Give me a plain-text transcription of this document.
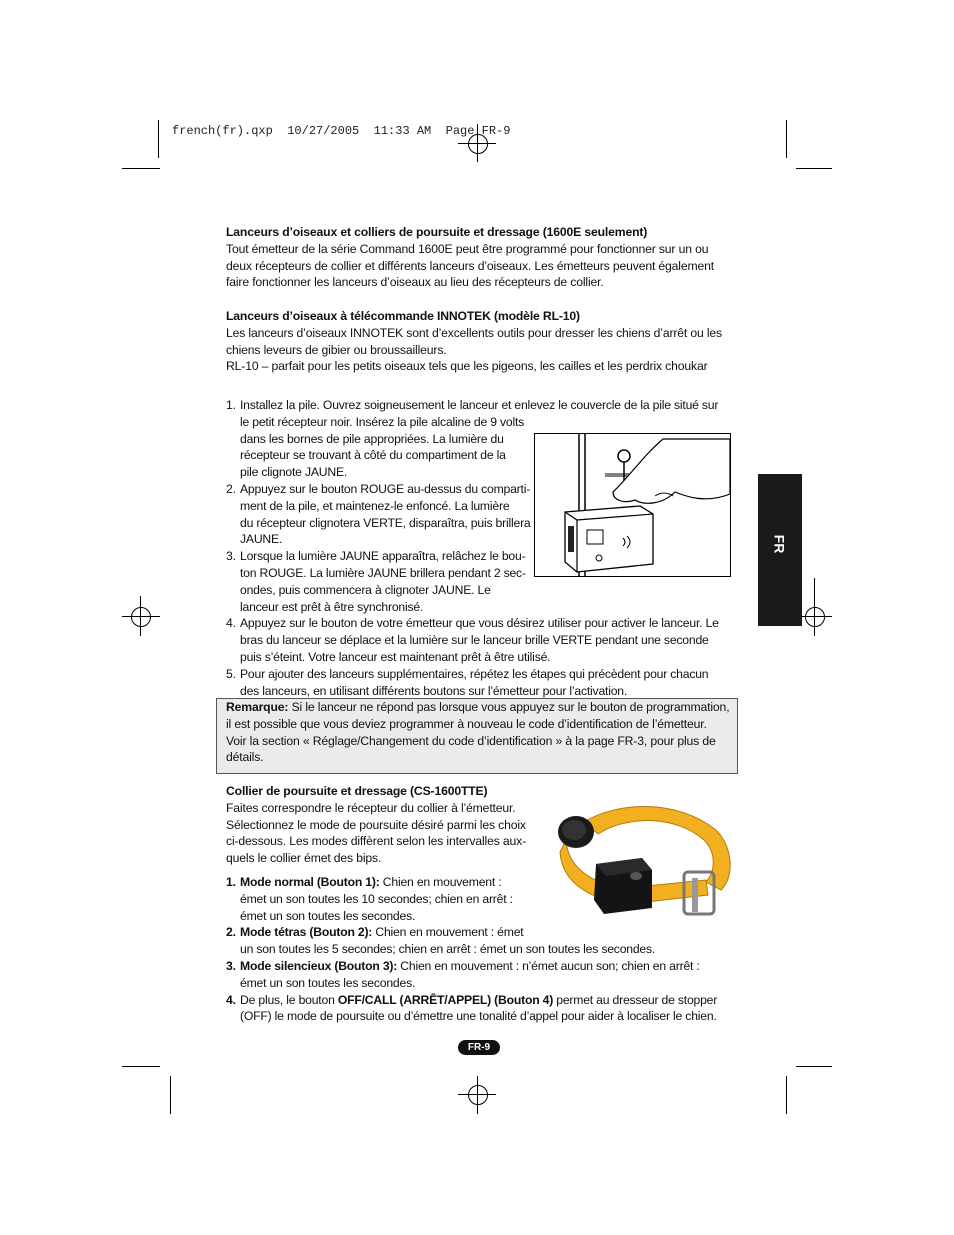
french(fr).qxp  10/27/2005  11:33 AM  Page FR-9
FR
Lanceurs d’oiseaux et colliers de poursuite et dressage (1600E seulement)
Tout émetteur de la série Command 1600E peut être programmé pour fonctionner sur un ou
deux récepteurs de collier et différents lanceurs d’oiseaux. Les émetteurs peuvent également
faire fonctionner les lanceurs d’oiseaux au lieu des récepteurs de collier.
Lanceurs d’oiseaux à télécommande INNOTEK (modèle RL-10)
Les lanceurs d’oiseaux INNOTEK sont d’excellents outils pour dresser les chiens d’arrêt ou les
chiens leveurs de gibier ou broussailleurs.
RL-10 – parfait pour les petits oiseaux tels que les pigeons, les cailles et les perdrix choukar
1. Installez la pile. Ouvrez soigneusement le lanceur et enlevez le couvercle de la pile situé sur
le petit récepteur noir. Insérez la pile alcaline de 9 volts
dans les bornes de pile appropriées. La lumière du
récepteur se trouvant à côté du compartiment de la
pile clignote JAUNE.
2. Appuyez sur le bouton ROUGE au-dessus du comparti-
ment de la pile, et maintenez-le enfoncé. La lumière
du récepteur clignotera VERTE, disparaîtra, puis brillera
JAUNE.
3. Lorsque la lumière JAUNE apparaîtra, relâchez le bou-
ton ROUGE. La lumière JAUNE brillera pendant 2 sec-
ondes, puis commencera à clignoter JAUNE. Le
lanceur est prêt à être synchronisé.
4. Appuyez sur le bouton de votre émetteur que vous désirez utiliser pour activer le lanceur. Le
bras du lanceur se déplace et la lumière sur le lanceur brille VERTE pendant une seconde
puis s’éteint. Votre lanceur est maintenant prêt à être utilisé.
5. Pour ajouter des lanceurs supplémentaires, répétez les étapes qui précèdent pour chacun
des lanceurs, en utilisant différents boutons sur l’émetteur pour l’activation.
Remarque: Si le lanceur ne répond pas lorsque vous appuyez sur le bouton de programmation,
il est possible que vous deviez programmer à nouveau le code d’identification de l’émetteur.
Voir la section « Réglage/Changement du code d’identification » à la page FR-3, pour plus de
détails.
Collier de poursuite et dressage (CS-1600TTE)
Faites correspondre le récepteur du collier à l’émetteur.
Sélectionnez le mode de poursuite désiré parmi les choix
ci-dessous. Les modes diffèrent selon les intervalles aux-
quels le collier émet des bips.
1. Mode normal (Bouton 1): Chien en mouvement :
émet un son toutes les 10 secondes; chien en arrêt :
émet un son toutes les secondes.
2. Mode tétras (Bouton 2): Chien en mouvement : émet
un son toutes les 5 secondes; chien en arrêt : émet un son toutes les secondes.
3. Mode silencieux (Bouton 3): Chien en mouvement : n’émet aucun son; chien en arrêt :
émet un son toutes les secondes.
4. De plus, le bouton OFF/CALL (ARRÊT/APPEL) (Bouton 4) permet au dresseur de stopper
(OFF) le mode de poursuite ou d’émettre une tonalité d’appel pour aider à localiser le chien.
FR-9
